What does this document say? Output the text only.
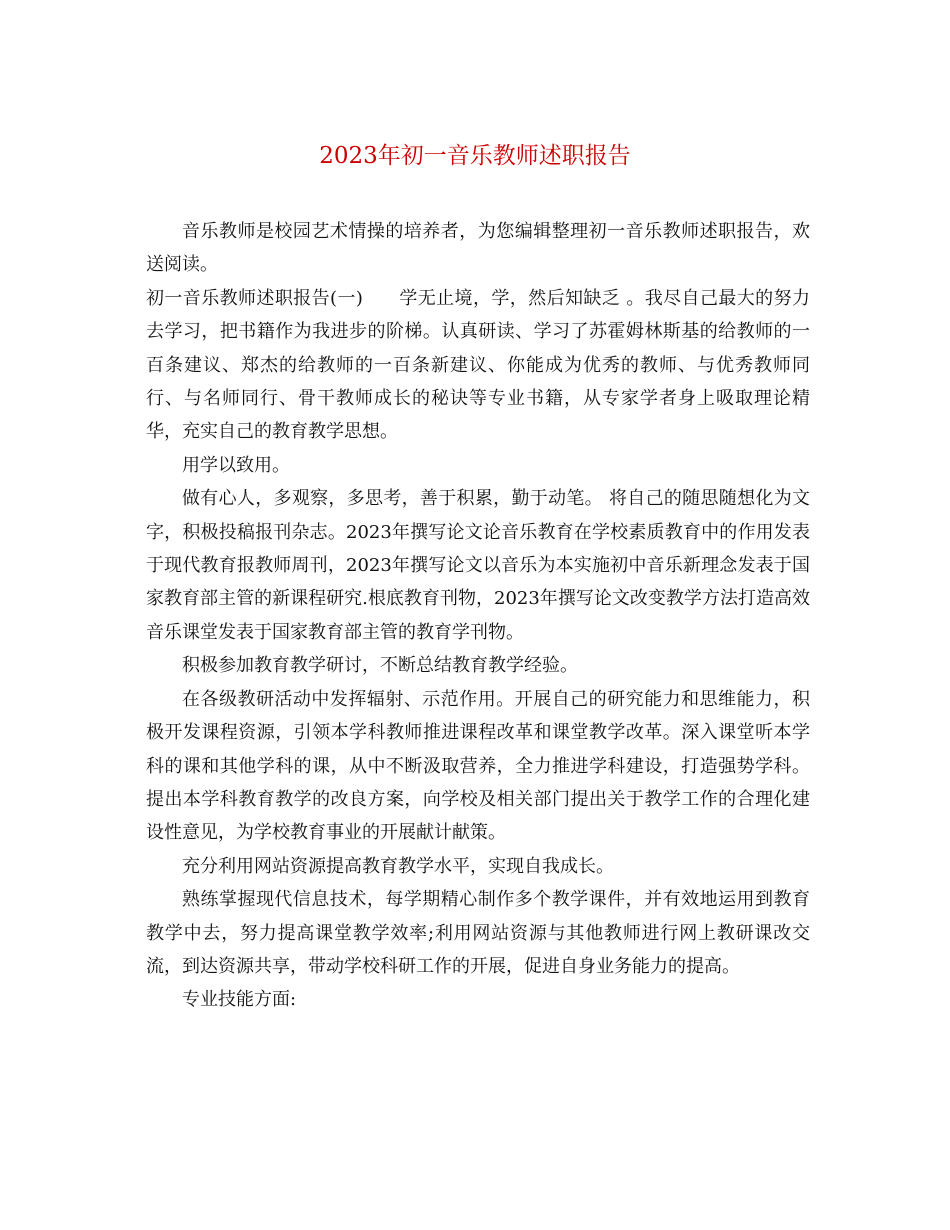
2023年初一音乐教师述职报告

音乐教师是校园艺术情操的培养者，为您编辑整理初一音乐教师述职报告，欢送阅读。

初一音乐教师述职报告(一) 学无止境，学，然后知缺乏 。我尽自己最大的努力去学习，把书籍作为我进步的阶梯。认真研读、学习了苏霍姆林斯基的给教师的一百条建议、郑杰的给教师的一百条新建议、你能成为优秀的教师、与优秀教师同行、与名师同行、骨干教师成长的秘诀等专业书籍，从专家学者身上吸取理论精华，充实自己的教育教学思想。

用学以致用。

做有心人，多观察，多思考，善于积累，勤于动笔。 将自己的随思随想化为文字，积极投稿报刊杂志。2023年撰写论文论音乐教育在学校素质教育中的作用发表于现代教育报教师周刊，2023年撰写论文以音乐为本实施初中音乐新理念发表于国家教育部主管的新课程研究.根底教育刊物，2023年撰写论文改变教学方法打造高效音乐课堂发表于国家教育部主管的教育学刊物。

积极参加教育教学研讨，不断总结教育教学经验。

在各级教研活动中发挥辐射、示范作用。开展自己的研究能力和思维能力，积极开发课程资源，引领本学科教师推进课程改革和课堂教学改革。深入课堂听本学科的课和其他学科的课，从中不断汲取营养，全力推进学科建设，打造强势学科。提出本学科教育教学的改良方案，向学校及相关部门提出关于教学工作的合理化建设性意见，为学校教育事业的开展献计献策。

充分利用网站资源提高教育教学水平，实现自我成长。

熟练掌握现代信息技术，每学期精心制作多个教学课件，并有效地运用到教育教学中去，努力提高课堂教学效率;利用网站资源与其他教师进行网上教研课改交流，到达资源共享，带动学校科研工作的开展，促进自身业务能力的提高。

专业技能方面:
